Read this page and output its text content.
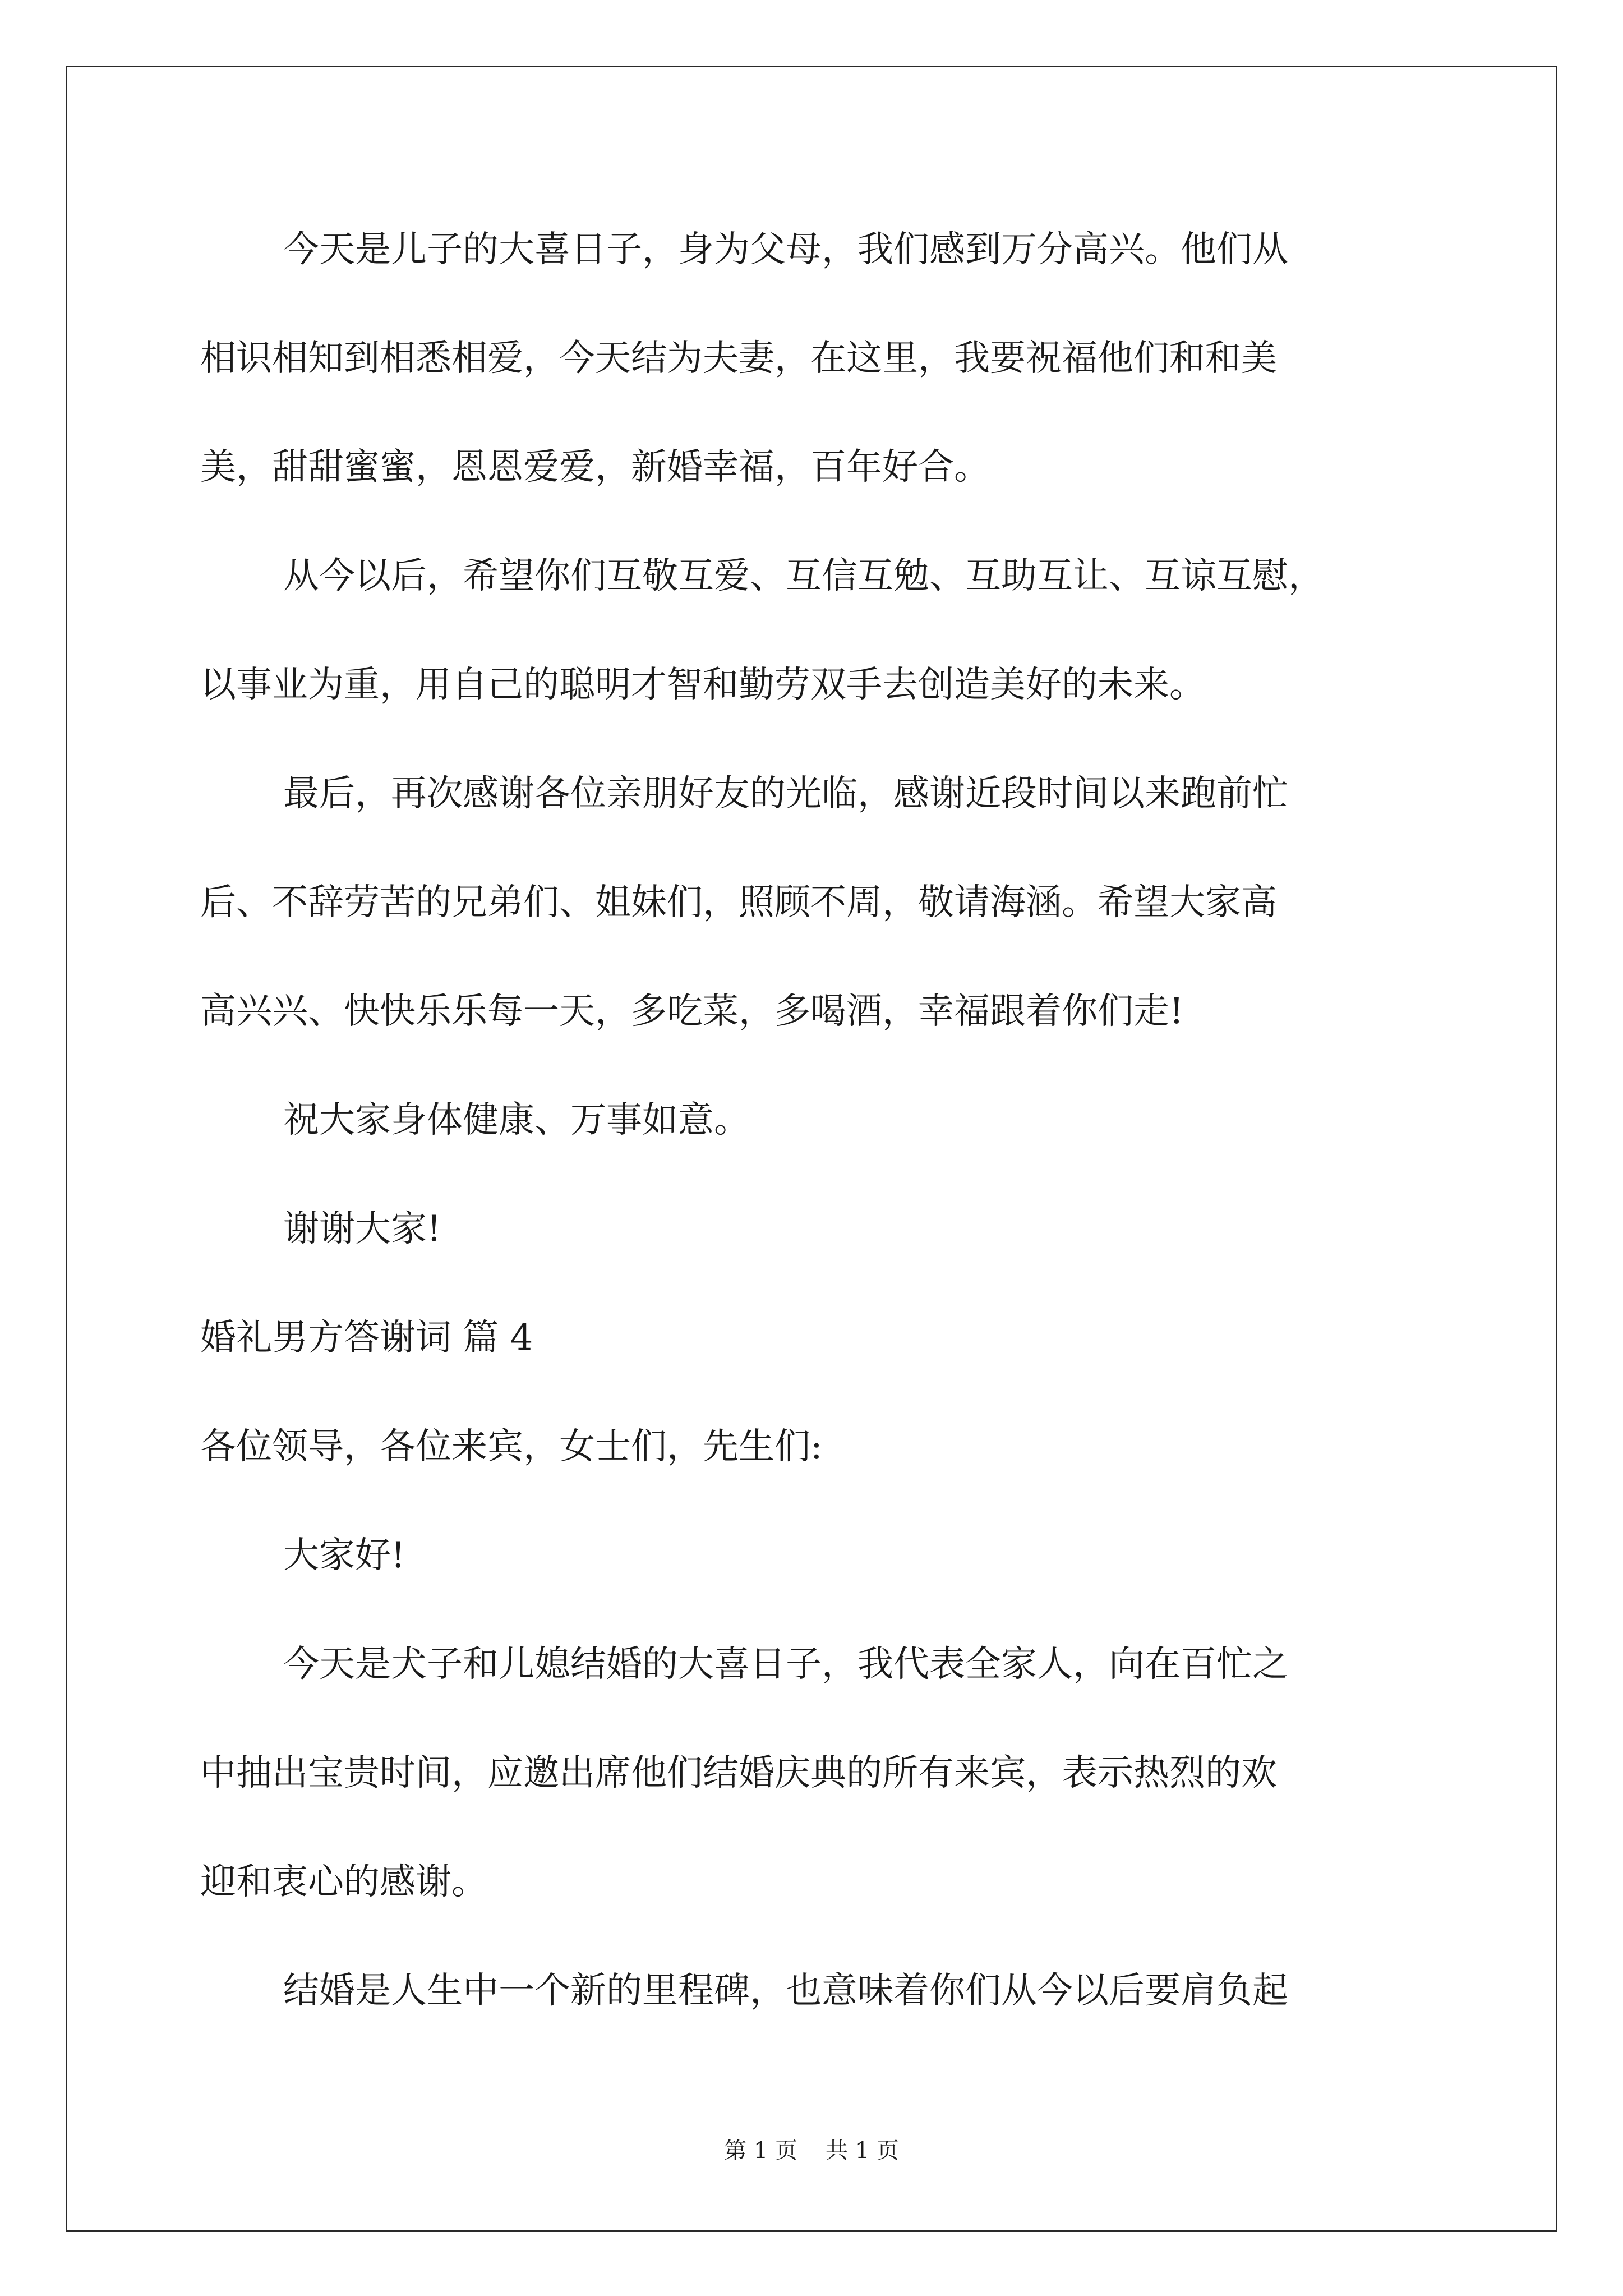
今天是儿子的大喜日子，身为父母，我们感到万分高兴。他们从
相识相知到相悉相爱，今天结为夫妻，在这里，我要祝福他们和和美
美，甜甜蜜蜜，恩恩爱爱，新婚幸福，百年好合。
从今以后，希望你们互敬互爱、互信互勉、互助互让、互谅互慰，
以事业为重，用自己的聪明才智和勤劳双手去创造美好的未来。
最后，再次感谢各位亲朋好友的光临，感谢近段时间以来跑前忙
后、不辞劳苦的兄弟们、姐妹们，照顾不周，敬请海涵。希望大家高
高兴兴、快快乐乐每一天，多吃菜，多喝酒，幸福跟着你们走!
祝大家身体健康、万事如意。
谢谢大家!
婚礼男方答谢词 篇 4
各位领导，各位来宾，女士们，先生们:
大家好!
今天是犬子和儿媳结婚的大喜日子，我代表全家人，向在百忙之
中抽出宝贵时间，应邀出席他们结婚庆典的所有来宾，表示热烈的欢
迎和衷心的感谢。
结婚是人生中一个新的里程碑，也意味着你们从今以后要肩负起
第 1 页 共 1 页
